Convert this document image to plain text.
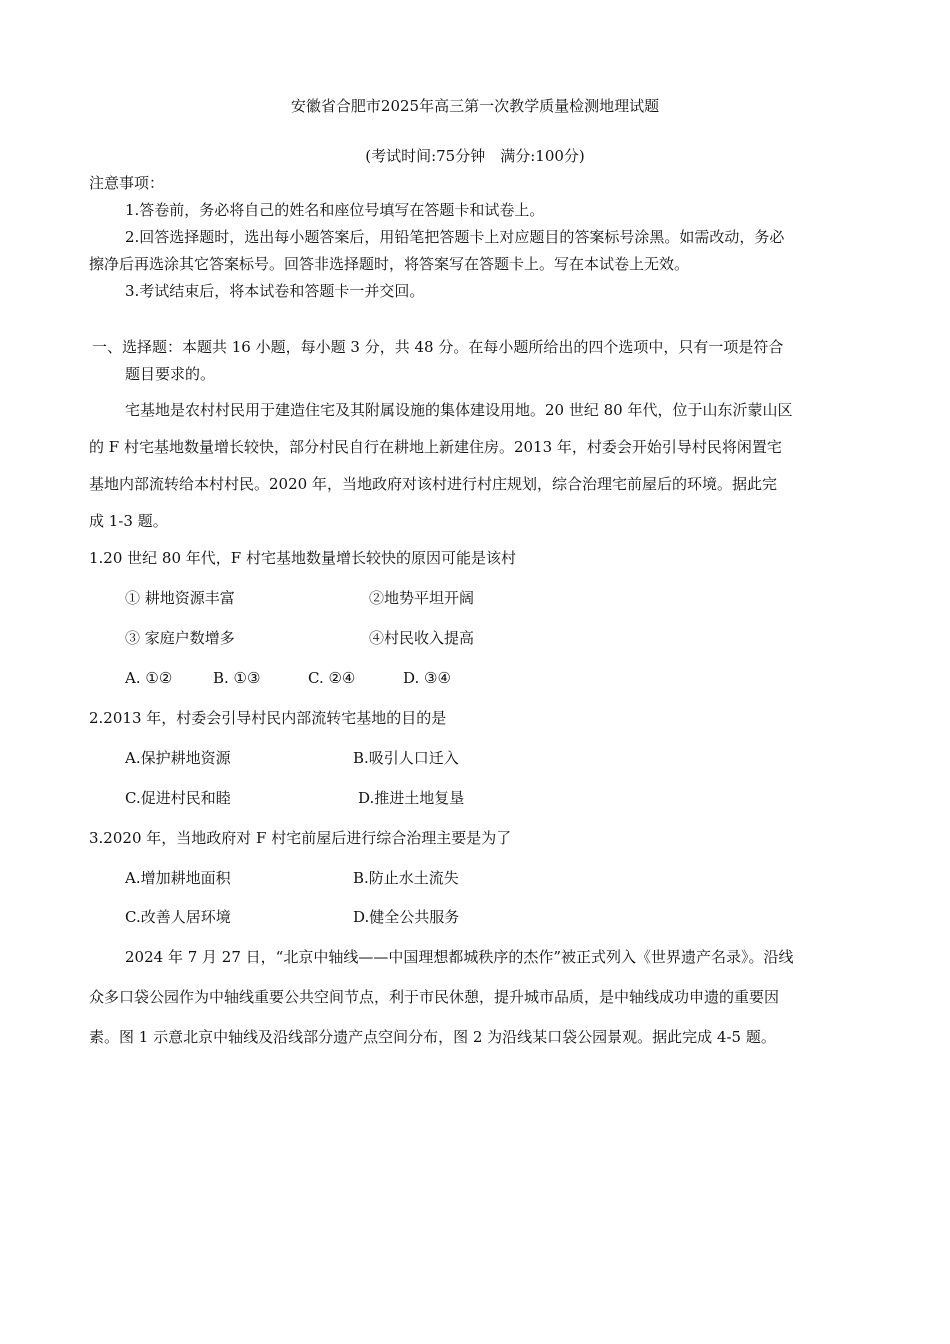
安徽省合肥市2025年高三第一次教学质量检测地理试题
(考试时间:75分钟　满分:100分)
注意事项：
1.答卷前，务必将自己的姓名和座位号填写在答题卡和试卷上。
2.回答选择题时，选出每小题答案后，用铅笔把答题卡上对应题目的答案标号涂黑。如需改动，务必
擦净后再选涂其它答案标号。回答非选择题时，将答案写在答题卡上。写在本试卷上无效。
3.考试结束后，将本试卷和答题卡一并交回。
一、选择题：本题共 16 小题，每小题 3 分，共 48 分。在每小题所给出的四个选项中，只有一项是符合
题目要求的。
宅基地是农村村民用于建造住宅及其附属设施的集体建设用地。20 世纪 80 年代，位于山东沂蒙山区
的 F 村宅基地数量增长较快，部分村民自行在耕地上新建住房。2013 年，村委会开始引导村民将闲置宅
基地内部流转给本村村民。2020 年，当地政府对该村进行村庄规划，综合治理宅前屋后的环境。据此完
成 1-3 题。
1.20 世纪 80 年代，F 村宅基地数量增长较快的原因可能是该村
① 耕地资源丰富	②地势平坦开阔
③ 家庭户数增多	④村民收入提高
A. ①②	B. ①③	C. ②④	D. ③④
2.2013 年，村委会引导村民内部流转宅基地的目的是
A.保护耕地资源	B.吸引人口迁入
C.促进村民和睦	D.推进土地复垦
3.2020 年，当地政府对 F 村宅前屋后进行综合治理主要是为了
A.增加耕地面积	B.防止水土流失
C.改善人居环境	D.健全公共服务
2024 年 7 月 27 日，“北京中轴线——中国理想都城秩序的杰作”被正式列入《世界遗产名录》。沿线
众多口袋公园作为中轴线重要公共空间节点，利于市民休憩，提升城市品质，是中轴线成功申遗的重要因
素。图 1 示意北京中轴线及沿线部分遗产点空间分布，图 2 为沿线某口袋公园景观。据此完成 4-5 题。
